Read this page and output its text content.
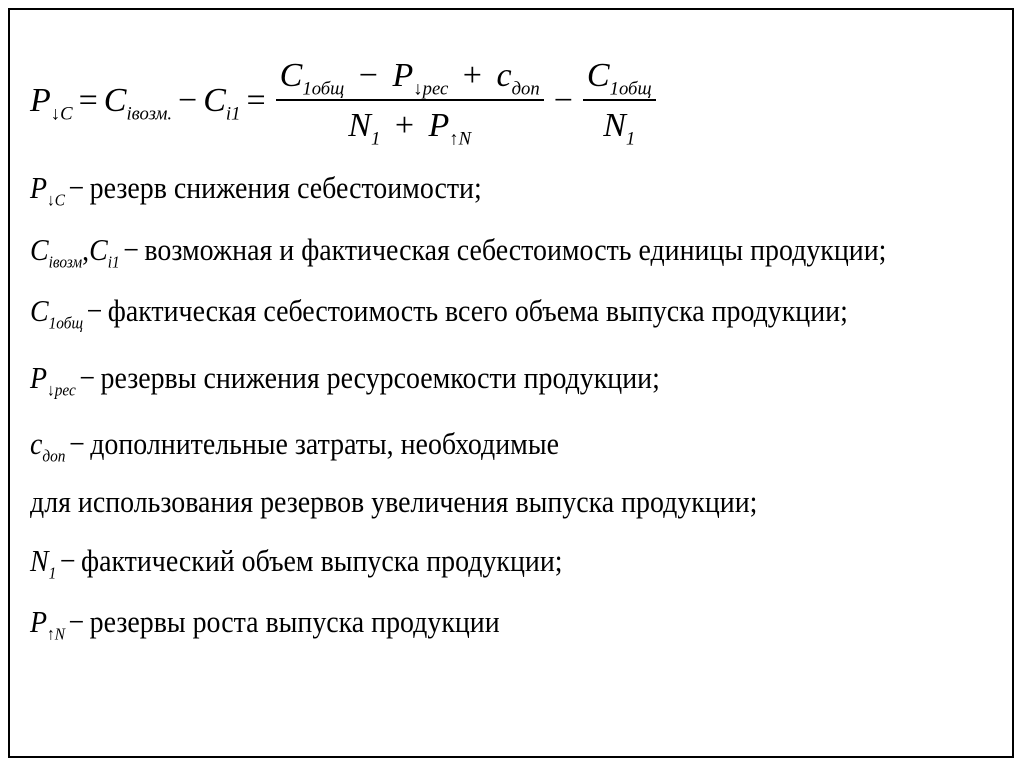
$P_{↓C} = C_{iвозм.} - C_{i1} = \frac{C_{1общ} - P_{↓рес} + c_{доп}}{N_1 + P_{↑N}} - \frac{C_{1общ}}{N_1}$
$P_{↓C}$ − резерв снижения себестоимости;
$C_{iвозм},C_{i1}$ − возможная и фактическая себестоимость единицы продукции;
$C_{1общ}$ − фактическая себестоимость всего объема выпуска продукции;
$P_{↓рес}$ − резервы снижения ресурсоемкости продукции;
$c_{доп}$ − дополнительные затраты, необходимые
для использования резервов увеличения выпуска продукции;
$N_1$ − фактический объем выпуска продукции;
$P_{↑N}$ − резервы роста выпуска продукции
